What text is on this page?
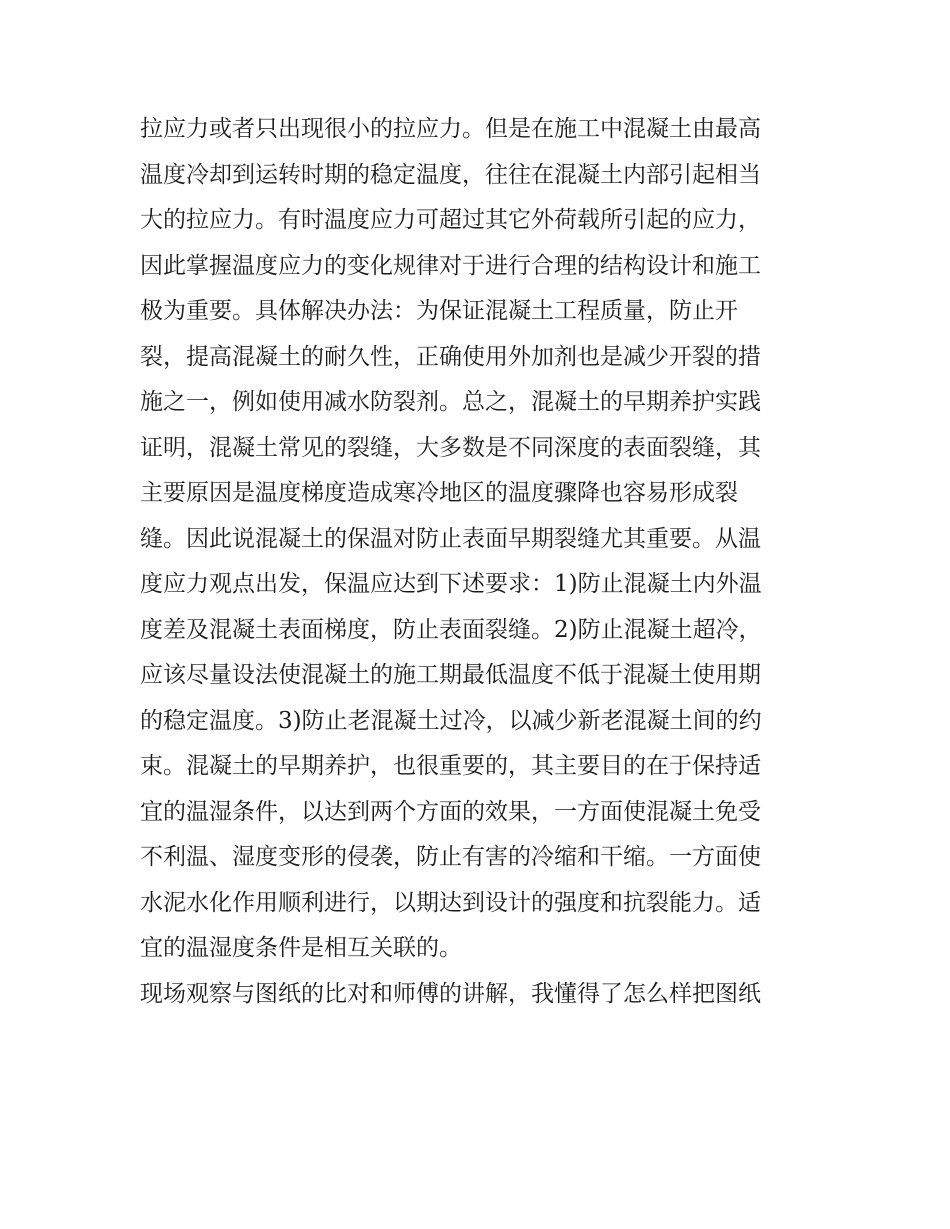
拉应力或者只出现很小的拉应力。但是在施工中混凝土由最高
温度冷却到运转时期的稳定温度，往往在混凝土内部引起相当
大的拉应力。有时温度应力可超过其它外荷载所引起的应力，
因此掌握温度应力的变化规律对于进行合理的结构设计和施工
极为重要。具体解决办法：为保证混凝土工程质量，防止开
裂，提高混凝土的耐久性，正确使用外加剂也是减少开裂的措
施之一，例如使用减水防裂剂。总之，混凝土的早期养护实践
证明，混凝土常见的裂缝，大多数是不同深度的表面裂缝，其
主要原因是温度梯度造成寒冷地区的温度骤降也容易形成裂
缝。因此说混凝土的保温对防止表面早期裂缝尤其重要。从温
度应力观点出发，保温应达到下述要求：1)防止混凝土内外温
度差及混凝土表面梯度，防止表面裂缝。2)防止混凝土超冷，
应该尽量设法使混凝土的施工期最低温度不低于混凝土使用期
的稳定温度。3)防止老混凝土过冷，以减少新老混凝土间的约
束。混凝土的早期养护，也很重要的，其主要目的在于保持适
宜的温湿条件，以达到两个方面的效果，一方面使混凝土免受
不利温、湿度变形的侵袭，防止有害的冷缩和干缩。一方面使
水泥水化作用顺利进行，以期达到设计的强度和抗裂能力。适
宜的温湿度条件是相互关联的。
现场观察与图纸的比对和师傅的讲解，我懂得了怎么样把图纸
